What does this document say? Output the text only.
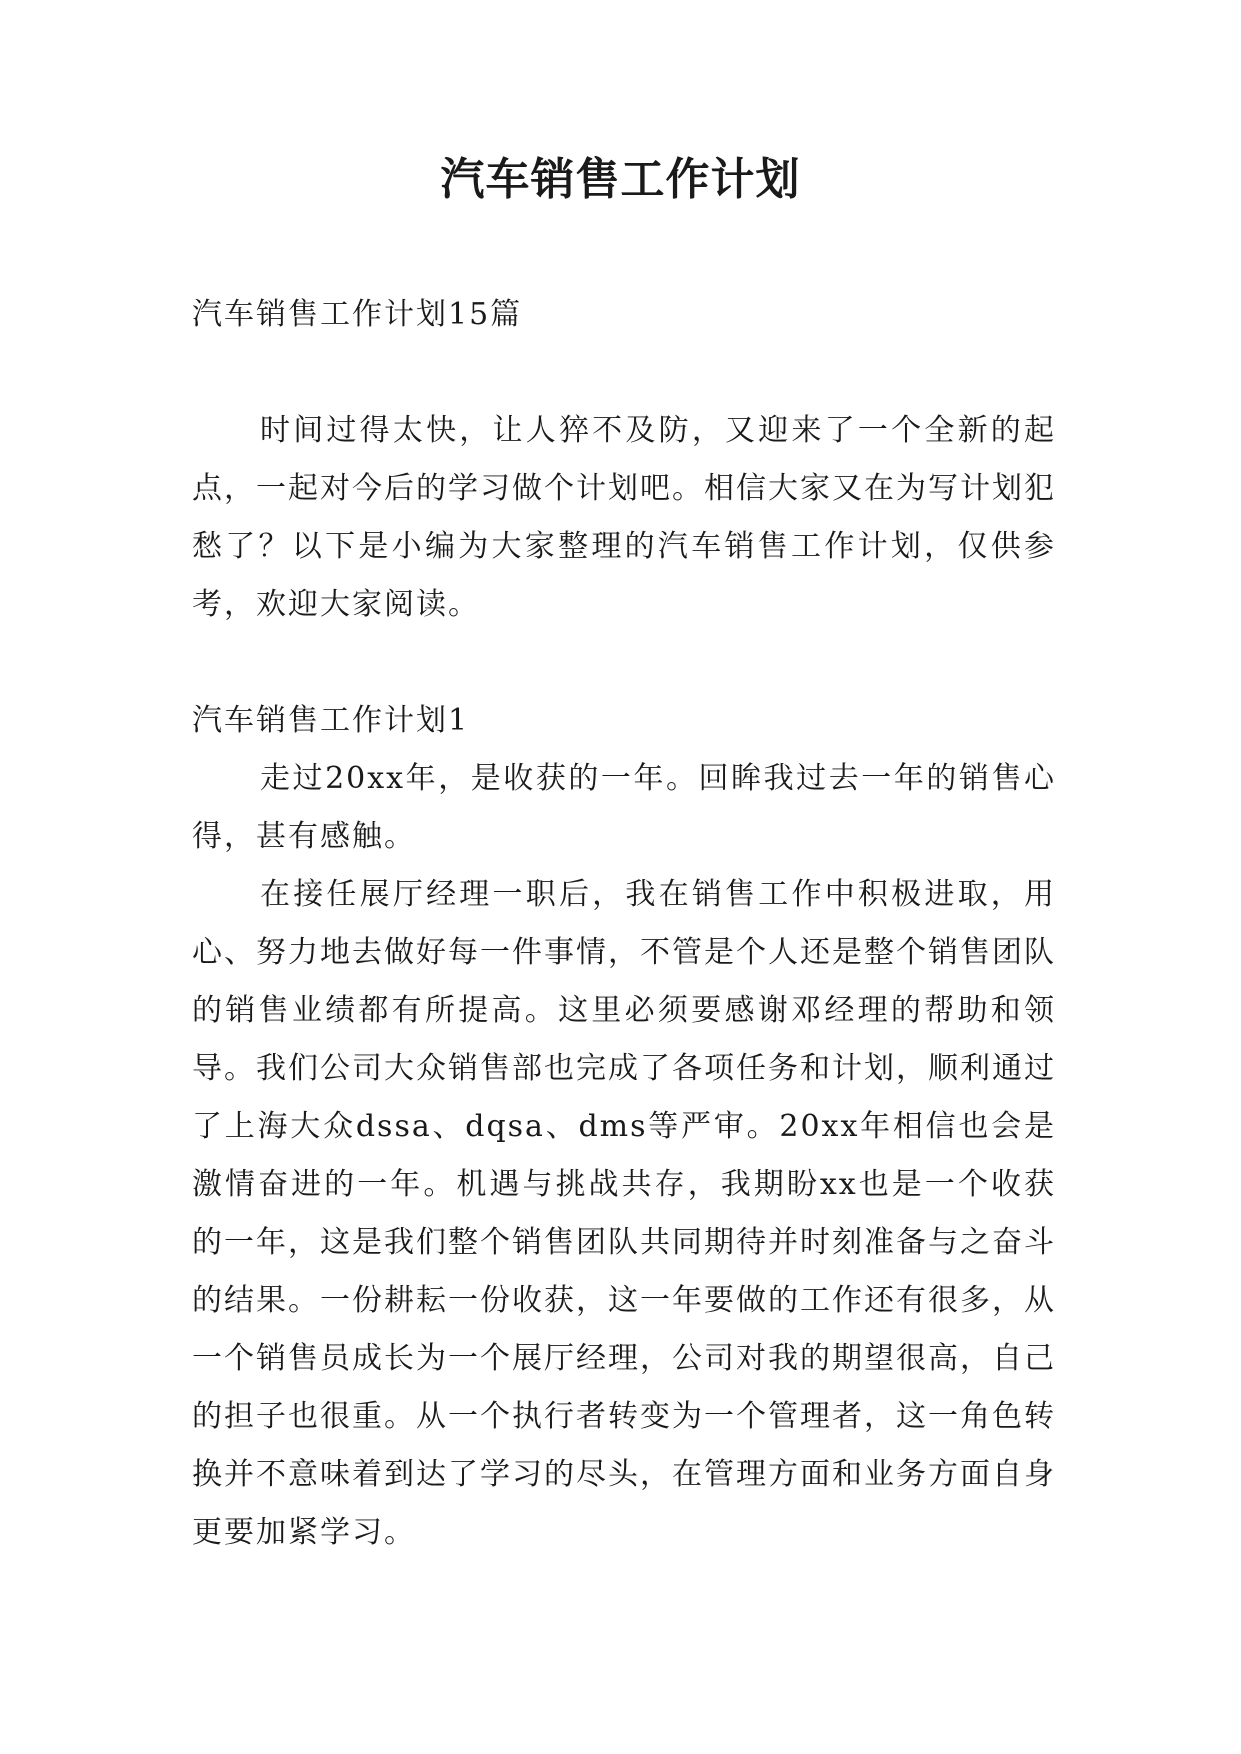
汽车销售工作计划

汽车销售工作计划15篇

时间过得太快，让人猝不及防，又迎来了一个全新的起点，一起对今后的学习做个计划吧。相信大家又在为写计划犯愁了？以下是小编为大家整理的汽车销售工作计划，仅供参考，欢迎大家阅读。

汽车销售工作计划1

走过20xx年，是收获的一年。回眸我过去一年的销售心得，甚有感触。

在接任展厅经理一职后，我在销售工作中积极进取，用心、努力地去做好每一件事情，不管是个人还是整个销售团队的销售业绩都有所提高。这里必须要感谢邓经理的帮助和领导。我们公司大众销售部也完成了各项任务和计划，顺利通过了上海大众dssa、dqsa、dms等严审。20xx年相信也会是激情奋进的一年。机遇与挑战共存，我期盼xx也是一个收获的一年，这是我们整个销售团队共同期待并时刻准备与之奋斗的结果。一份耕耘一份收获，这一年要做的工作还有很多，从一个销售员成长为一个展厅经理，公司对我的期望很高，自己的担子也很重。从一个执行者转变为一个管理者，这一角色转换并不意味着到达了学习的尽头，在管理方面和业务方面自身更要加紧学习。
